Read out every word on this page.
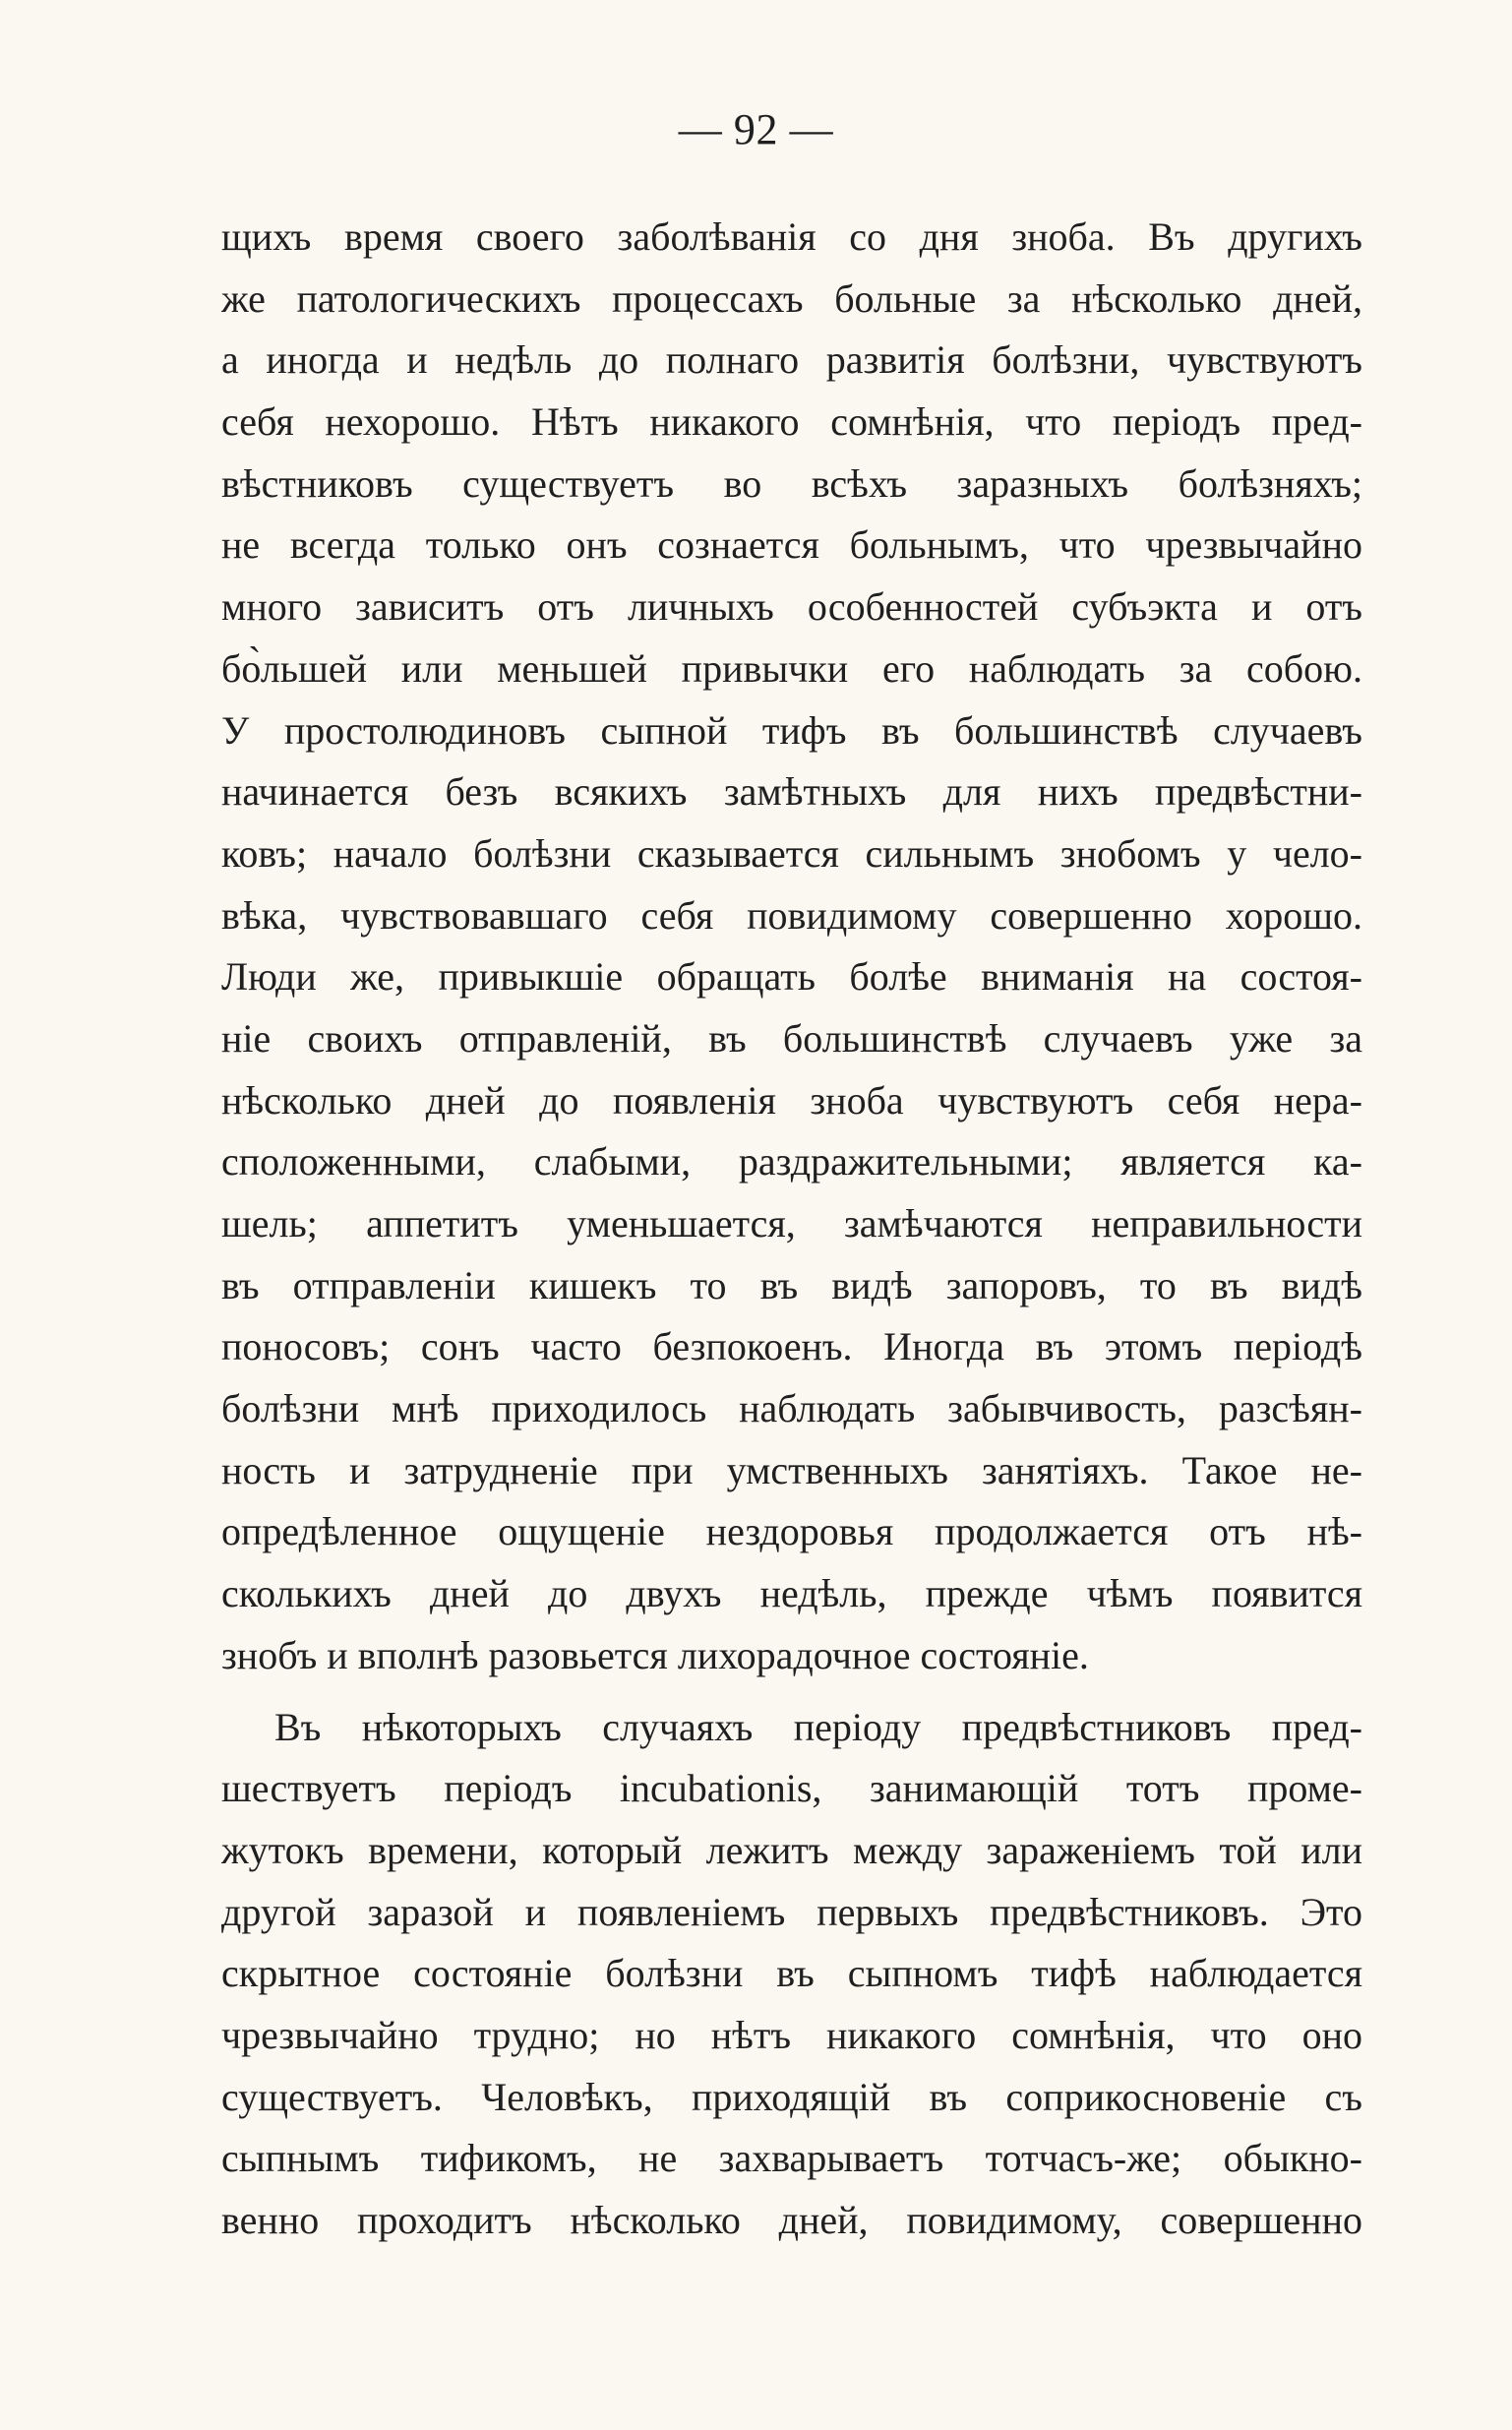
— 92 —
щихъ время своего заболѣванія со дня зноба. Въ другихъ
же патологическихъ процессахъ больные за нѣсколько дней,
а иногда и недѣль до полнаго развитія болѣзни, чувствуютъ
себя нехорошо. Нѣтъ никакого сомнѣнія, что періодъ пред-
вѣстниковъ существуетъ во всѣхъ заразныхъ болѣзняхъ;
не всегда только онъ сознается больнымъ, что чрезвычайно
много зависитъ отъ личныхъ особенностей субъэкта и отъ
бо̀льшей или меньшей привычки его наблюдать за собою.
У простолюдиновъ сыпной тифъ въ большинствѣ случаевъ
начинается безъ всякихъ замѣтныхъ для нихъ предвѣстни-
ковъ; начало болѣзни сказывается сильнымъ знобомъ у чело-
вѣка, чувствовавшаго себя повидимому совершенно хорошо.
Люди же, привыкшіе обращать болѣе вниманія на состоя-
ніе своихъ отправленій, въ большинствѣ случаевъ уже за
нѣсколько дней до появленія зноба чувствуютъ себя нера-
сположенными, слабыми, раздражительными; является ка-
шель; аппетитъ уменьшается, замѣчаются неправильности
въ отправленіи кишекъ то въ видѣ запоровъ, то въ видѣ
поносовъ; сонъ часто безпокоенъ. Иногда въ этомъ періодѣ
болѣзни мнѣ приходилось наблюдать забывчивость, разсѣян-
ность и затрудненіе при умственныхъ занятіяхъ. Такое не-
опредѣленное ощущеніе нездоровья продолжается отъ нѣ-
сколькихъ дней до двухъ недѣль, прежде чѣмъ появится
знобъ и вполнѣ разовьется лихорадочное состояніе.
Въ нѣкоторыхъ случаяхъ періоду предвѣстниковъ пред-
шествуетъ періодъ incubationis, занимающій тотъ проме-
жутокъ времени, который лежитъ между зараженіемъ той или
другой заразой и появленіемъ первыхъ предвѣстниковъ. Это
скрытное состояніе болѣзни въ сыпномъ тифѣ наблюдается
чрезвычайно трудно; но нѣтъ никакого сомнѣнія, что оно
существуетъ. Человѣкъ, приходящій въ соприкосновеніе съ
сыпнымъ тификомъ, не захварываетъ тотчасъ-же; обыкно-
венно проходитъ нѣсколько дней, повидимому, совершенно
